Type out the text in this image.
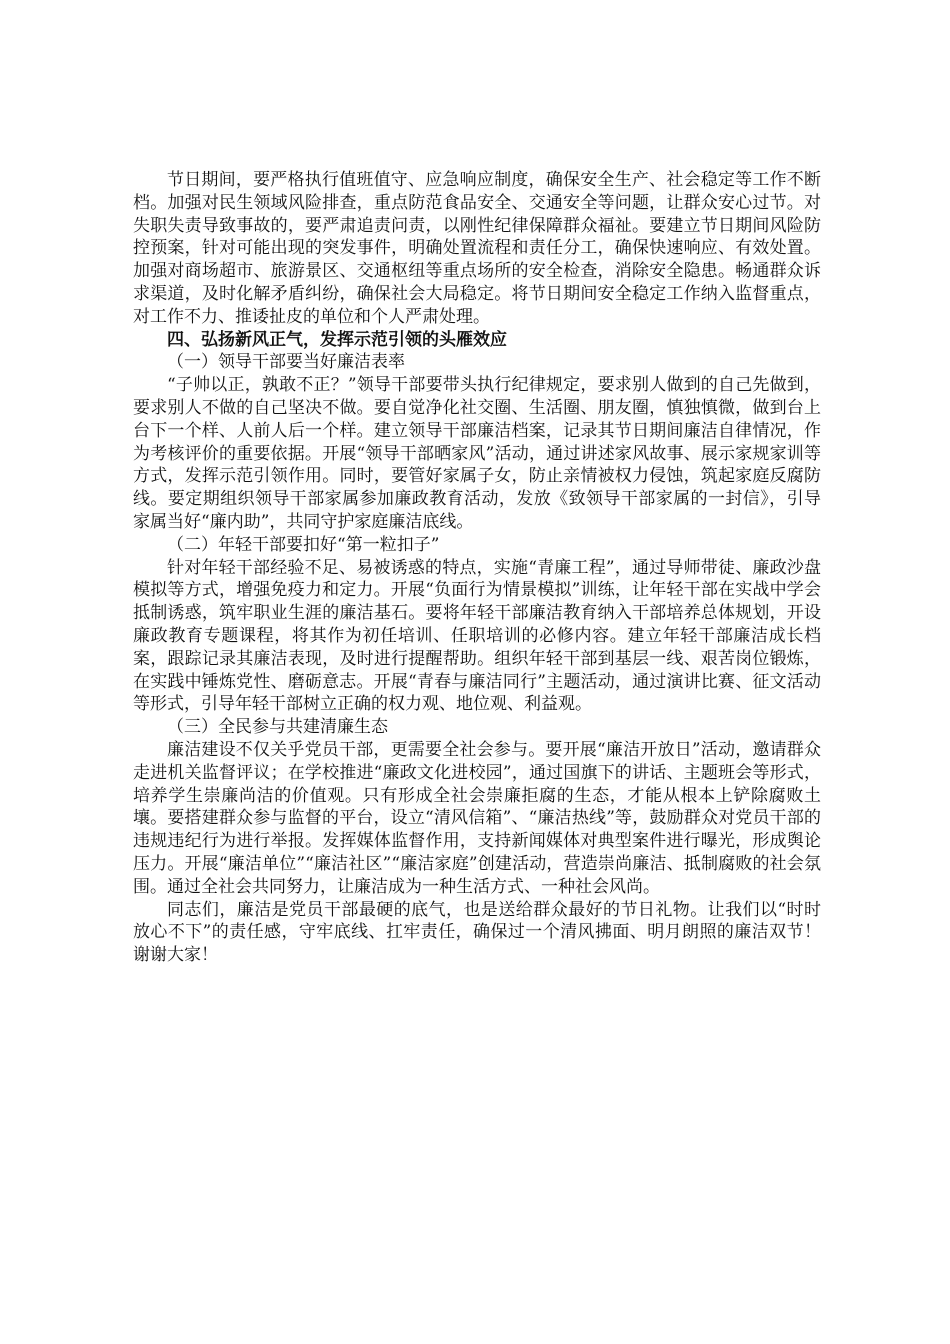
节日期间，要严格执行值班值守、应急响应制度，确保安全生产、社会稳定等工作不断档。加强对民生领域风险排查，重点防范食品安全、交通安全等问题，让群众安心过节。对失职失责导致事故的，要严肃追责问责，以刚性纪律保障群众福祉。要建立节日期间风险防控预案，针对可能出现的突发事件，明确处置流程和责任分工，确保快速响应、有效处置。加强对商场超市、旅游景区、交通枢纽等重点场所的安全检查，消除安全隐患。畅通群众诉求渠道，及时化解矛盾纠纷，确保社会大局稳定。将节日期间安全稳定工作纳入监督重点，对工作不力、推诿扯皮的单位和个人严肃处理。

四、弘扬新风正气，发挥示范引领的头雁效应

（一）领导干部要当好廉洁表率

“子帅以正，孰敢不正？”领导干部要带头执行纪律规定，要求别人做到的自己先做到，要求别人不做的自己坚决不做。要自觉净化社交圈、生活圈、朋友圈，慎独慎微，做到台上台下一个样、人前人后一个样。建立领导干部廉洁档案，记录其节日期间廉洁自律情况，作为考核评价的重要依据。开展“领导干部晒家风”活动，通过讲述家风故事、展示家规家训等方式，发挥示范引领作用。同时，要管好家属子女，防止亲情被权力侵蚀，筑起家庭反腐防线。要定期组织领导干部家属参加廉政教育活动，发放《致领导干部家属的一封信》，引导家属当好“廉内助”，共同守护家庭廉洁底线。

（二）年轻干部要扣好“第一粒扣子”

针对年轻干部经验不足、易被诱惑的特点，实施“青廉工程”，通过导师带徒、廉政沙盘模拟等方式，增强免疫力和定力。开展“负面行为情景模拟”训练，让年轻干部在实战中学会抵制诱惑，筑牢职业生涯的廉洁基石。要将年轻干部廉洁教育纳入干部培养总体规划，开设廉政教育专题课程，将其作为初任培训、任职培训的必修内容。建立年轻干部廉洁成长档案，跟踪记录其廉洁表现，及时进行提醒帮助。组织年轻干部到基层一线、艰苦岗位锻炼，在实践中锤炼党性、磨砺意志。开展“青春与廉洁同行”主题活动，通过演讲比赛、征文活动等形式，引导年轻干部树立正确的权力观、地位观、利益观。

（三）全民参与共建清廉生态

廉洁建设不仅关乎党员干部，更需要全社会参与。要开展“廉洁开放日”活动，邀请群众走进机关监督评议；在学校推进“廉政文化进校园”，通过国旗下的讲话、主题班会等形式，培养学生崇廉尚洁的价值观。只有形成全社会崇廉拒腐的生态，才能从根本上铲除腐败土壤。要搭建群众参与监督的平台，设立“清风信箱”、“廉洁热线”等，鼓励群众对党员干部的违规违纪行为进行举报。发挥媒体监督作用，支持新闻媒体对典型案件进行曝光，形成舆论压力。开展“廉洁单位”“廉洁社区”“廉洁家庭”创建活动，营造崇尚廉洁、抵制腐败的社会氛围。通过全社会共同努力，让廉洁成为一种生活方式、一种社会风尚。

同志们，廉洁是党员干部最硬的底气，也是送给群众最好的节日礼物。让我们以“时时放心不下”的责任感，守牢底线、扛牢责任，确保过一个清风拂面、明月朗照的廉洁双节！谢谢大家！
